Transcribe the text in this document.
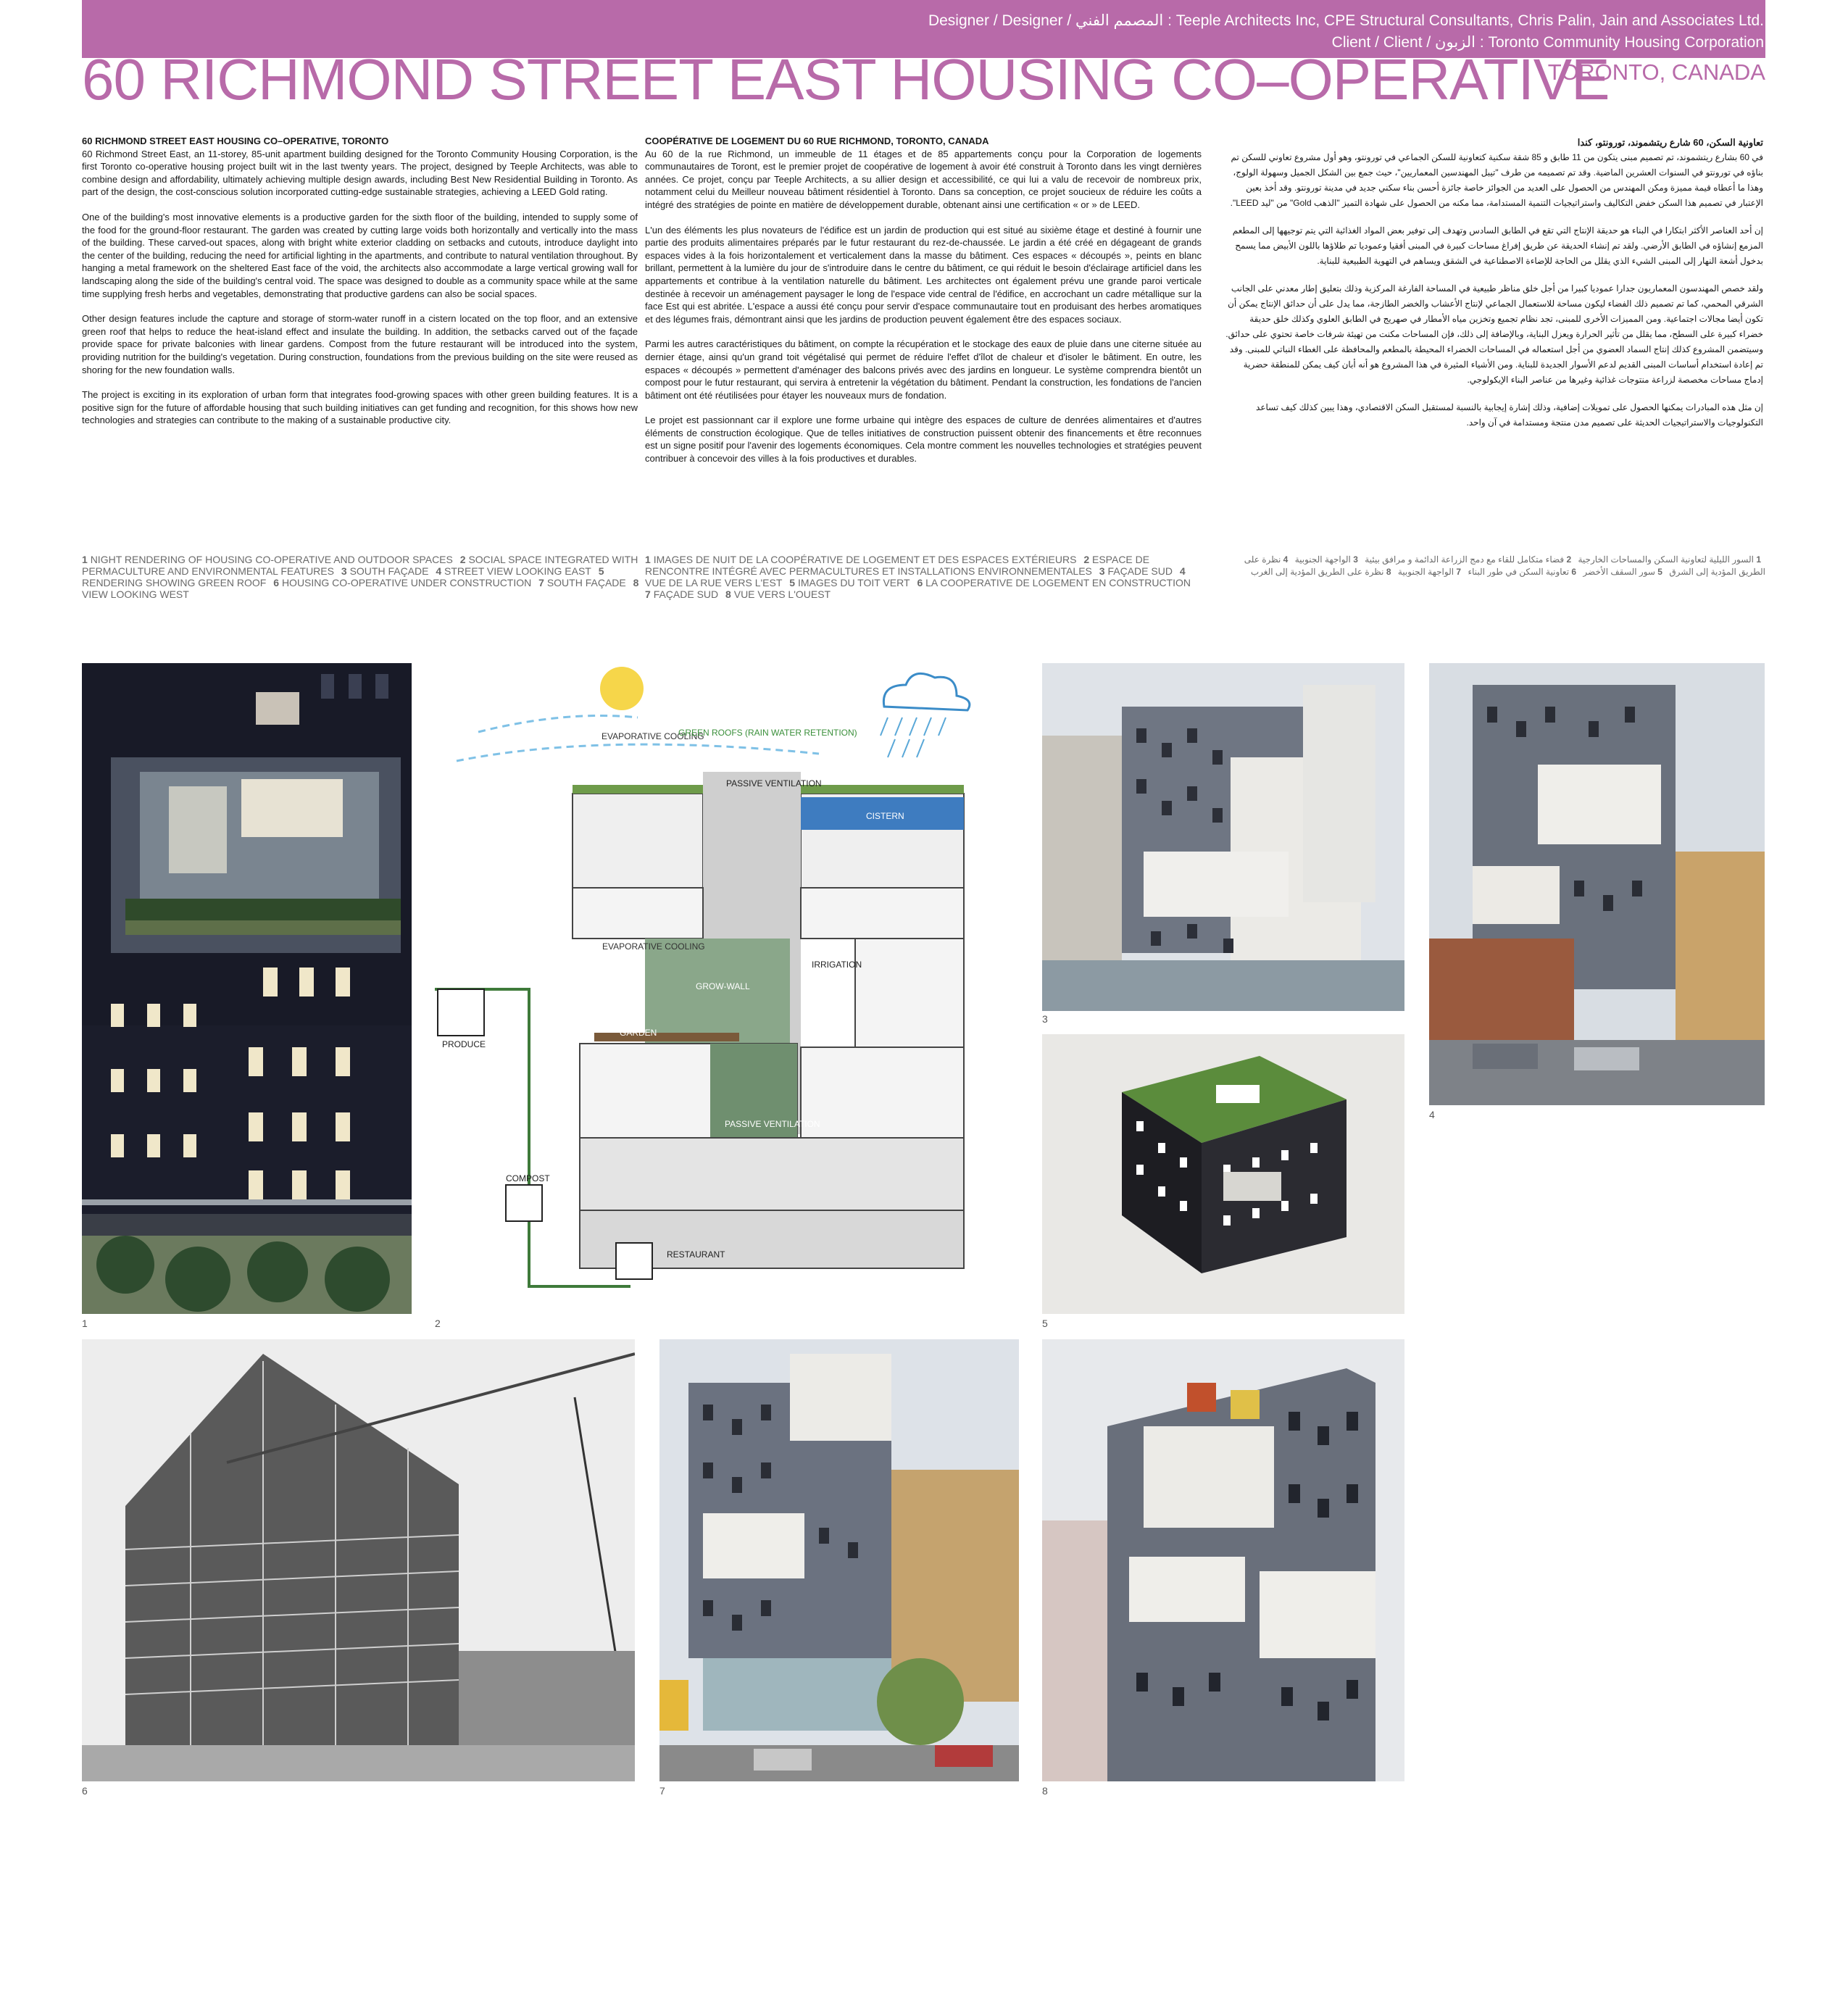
Designer / Designer / المصمم الفني : Teeple Architects Inc, CPE Structural Consultants, Chris Palin, Jain and Associates Ltd.
Client / Client / الزبون : Toronto Community Housing Corporation
60 RICHMOND STREET EAST HOUSING CO–OPERATIVE
TORONTO, CANADA
60 RICHMOND STREET EAST HOUSING CO–OPERATIVE, TORONTO

60 Richmond Street East, an 11-storey, 85-unit apartment building designed for the Toronto Community Housing Corporation, is the first Toronto co-operative housing project built wit in the last twenty years. The project, designed by Teeple Architects, was able to combine design and affordability, ultimately achieving multiple design awards, including Best New Residential Building in Toronto. As part of the design, the cost-conscious solution incorporated cutting-edge sustainable strategies, achieving a LEED Gold rating.

One of the building's most innovative elements is a productive garden for the sixth floor of the building, intended to supply some of the food for the ground-floor restaurant. The garden was created by cutting large voids both horizontally and vertically into the mass of the building. These carved-out spaces, along with bright white exterior cladding on setbacks and cutouts, introduce daylight into the center of the building, reducing the need for artificial lighting in the apartments, and contribute to natural ventilation throughout. By hanging a metal framework on the sheltered East face of the void, the architects also accommodate a large vertical growing wall for landscaping along the side of the building's central void. The space was designed to double as a community space while at the same time supplying fresh herbs and vegetables, demonstrating that productive gardens can also be social spaces.

Other design features include the capture and storage of storm-water runoff in a cistern located on the top floor, and an extensive green roof that helps to reduce the heat-island effect and insulate the building. In addition, the setbacks carved out of the façade provide space for private balconies with linear gardens. Compost from the future restaurant will be introduced into the system, providing nutrition for the building's vegetation. During construction, foundations from the previous building on the site were reused as shoring for the new foundation walls.

The project is exciting in its exploration of urban form that integrates food-growing spaces with other green building features. It is a positive sign for the future of affordable housing that such building initiatives can get funding and recognition, for this shows how new technologies and strategies can contribute to the making of a sustainable productive city.

COOPÉRATIVE DE LOGEMENT DU 60 RUE RICHMOND, TORONTO, CANADA

Au 60 de la rue Richmond, un immeuble de 11 étages et de 85 appartements conçu pour la Corporation de logements communautaires de Toront, est le premier projet de coopérative de logement à avoir été construit à Toronto dans les vingt dernières années. Ce projet, conçu par Teeple Architects, a su allier design et accessibilité, ce qui lui a valu de recevoir de nombreux prix, notamment celui du Meilleur nouveau bâtiment résidentiel à Toronto. Dans sa conception, ce projet soucieux de réduire les coûts a intégré des stratégies de pointe en matière de développement durable, obtenant ainsi une certification « or » de LEED.

L'un des éléments les plus novateurs de l'édifice est un jardin de production qui est situé au sixième étage et destiné à fournir une partie des produits alimentaires préparés par le futur restaurant du rez-de-chaussée. Le jardin a été créé en dégageant de grands espaces vides à la fois horizontalement et verticalement dans la masse du bâtiment. Ces espaces « découpés », peints en blanc brillant, permettent à la lumière du jour de s'introduire dans le centre du bâtiment, ce qui réduit le besoin d'éclairage artificiel dans les appartements et contribue à la ventilation naturelle du bâtiment. Les architectes ont également prévu une grande paroi verticale destinée à recevoir un aménagement paysager le long de l'espace vide central de l'édifice, en accrochant un cadre métallique sur la face Est qui est abritée. L'espace a aussi été conçu pour servir d'espace communautaire tout en produisant des herbes aromatiques et des légumes frais, démontrant ainsi que les jardins de production peuvent également être des espaces sociaux.

Parmi les autres caractéristiques du bâtiment, on compte la récupération et le stockage des eaux de pluie dans une citerne située au dernier étage, ainsi qu'un grand toit végétalisé qui permet de réduire l'effet d'îlot de chaleur et d'isoler le bâtiment. En outre, les espaces « découpés » permettent d'aménager des balcons privés avec des jardins en longueur. Le système comprendra bientôt un compost pour le futur restaurant, qui servira à entretenir la végétation du bâtiment. Pendant la construction, les fondations de l'ancien bâtiment ont été réutilisées pour étayer les nouveaux murs de fondation.

Le projet est passionnant car il explore une forme urbaine qui intègre des espaces de culture de denrées alimentaires et d'autres éléments de construction écologique. Que de telles initiatives de construction puissent obtenir des financements et être reconnues est un signe positif pour l'avenir des logements économiques. Cela montre comment les nouvelles technologies et stratégies peuvent contribuer à concevoir des villes à la fois productives et durables.

تعاونية السكن، 60 شارع ريتشموند، تورونتو، كندا

في 60 بشارع ريتشموند، تم تصميم مبنى يتكون من 11 طابق و 85 شقة سكنية كتعاونية للسكن الجماعي في تورونتو، وهو أول مشروع تعاوني للسكن تم بناؤه في تورونتو في السنوات العشرين الماضية. وقد تم تصميمه من طرف "تيبل المهندسين المعماريين"، حيث جمع بين الشكل الجميل وسهولة الولوج، وهذا ما أعطاه قيمة مميزة ومكن المهندس من الحصول على العديد من الجوائز خاصة جائزة أحسن بناء سكني جديد في مدينة تورونتو. وقد أخذ بعين الإعتبار في تصميم هذا السكن خفض التكاليف واستراتيجيات التنمية المستدامة، مما مكنه من الحصول على شهادة التميز "الذهب Gold" من "ليد LEED".

إن أحد العناصر الأكثر ابتكارا في البناء هو حديقة الإنتاج التي تقع في الطابق السادس وتهدف إلى توفير بعض المواد الغذائية التي يتم توجيهها إلى المطعم المزمع إنشاؤه في الطابق الأرضي. ولقد تم إنشاء الحديقة عن طريق إفراغ مساحات كبيرة في المبنى أفقيا وعموديا تم طلاؤها باللون الأبيض مما يسمح بدخول أشعة النهار إلى المبنى الشيء الذي يقلل من الحاجة للإضاءة الاصطناعية في الشقق ويساهم في التهوية الطبيعية للبناية.

ولقد خصص المهندسون المعماريون جدارا عموديا كبيرا من أجل خلق مناظر طبيعية في المساحة الفارغة المركزية وذلك بتعليق إطار معدني على الجانب الشرقي المحمي، كما تم تصميم ذلك الفضاء ليكون مساحة للاستعمال الجماعي لإنتاج الأعشاب والخضر الطازجة، مما يدل على أن حدائق الإنتاج يمكن أن تكون أيضا مجالات اجتماعية. ومن المميزات الأخرى للمبنى، تجد نظام تجميع وتخزين مياه الأمطار في صهريج في الطابق العلوي وكذلك خلق حديقة خضراء كبيرة على السطح، مما يقلل من تأثير الحرارة ويعزل البناية، وبالإضافة إلى ذلك، فإن المساحات مكنت من تهيئة شرفات خاصة تحتوي على حدائق. وسيتضمن المشروع كذلك إنتاج السماد العضوي من أجل استعماله في المساحات الخضراء المحيطة بالمطعم والمحافظة على الغطاء النباتي للمبنى. وقد تم إعادة استخدام أساسات المبنى القديم لدعم الأسوار الجديدة للبناية. ومن الأشياء المثيرة في هذا المشروع هو أنه أبان كيف يمكن للمنطقة حضرية إدماج مساحات مخصصة لزراعة منتوجات غذائية وغيرها من عناصر البناء الإيكولوجي.

إن مثل هذه المبادرات يمكنها الحصول على تمويلات إضافية، وذلك إشارة إيجابية بالنسبة لمستقبل السكن الاقتصادي، وهذا يبين كذلك كيف تساعد التكنولوجيات والاستراتيجيات الحديثة على تصميم مدن منتجة ومستدامة في آن واحد.

1 NIGHT RENDERING OF HOUSING CO-OPERATIVE AND OUTDOOR SPACES 2 SOCIAL SPACE INTEGRATED WITH PERMACULTURE AND ENVIRONMENTAL FEATURES 3 SOUTH FAÇADE 4 STREET VIEW LOOKING EAST 5 RENDERING SHOWING GREEN ROOF 6 HOUSING CO-OPERATIVE UNDER CONSTRUCTION 7 SOUTH FAÇADE 8 VIEW LOOKING WEST
1 IMAGES DE NUIT DE LA COOPÉRATIVE DE LOGEMENT ET DES ESPACES EXTÉRIEURS 2 ESPACE DE RENCONTRE INTÉGRÉ AVEC PERMACULTURES ET INSTALLATIONS ENVIRONNEMENTALES 3 FAÇADE SUD 4 VUE DE LA RUE VERS L'EST 5 IMAGES DU TOIT VERT 6 LA COOPERATIVE DE LOGEMENT EN CONSTRUCTION 7 FAÇADE SUD 8 VUE VERS L'OUEST
1 السور الليلية لتعاونية السكن والمساحات الخارجية 2 فضاء متكامل للقاء مع دمج الزراعة الدائمة و مرافق بيئية 3 الواجهة الجنوبية 4 نظرة على الطريق المؤدية إلى الشرق 5 سور السقف الأخضر 6 تعاونية السكن في طور البناء 7 الواجهة الجنوبية 8 نظرة على الطريق المؤدية إلى الغرب
1
EVAPORATIVE COOLING
GREEN ROOFS (RAIN WATER RETENTION)
CISTERN
PASSIVE VENTILATION
GROW-WALL
IRRIGATION
GARDEN
PASSIVE VENTILATION
RESTAURANT
PRODUCE
COMPOST
EVAPORATIVE COOLING
2
3
4
5
6	7	8
